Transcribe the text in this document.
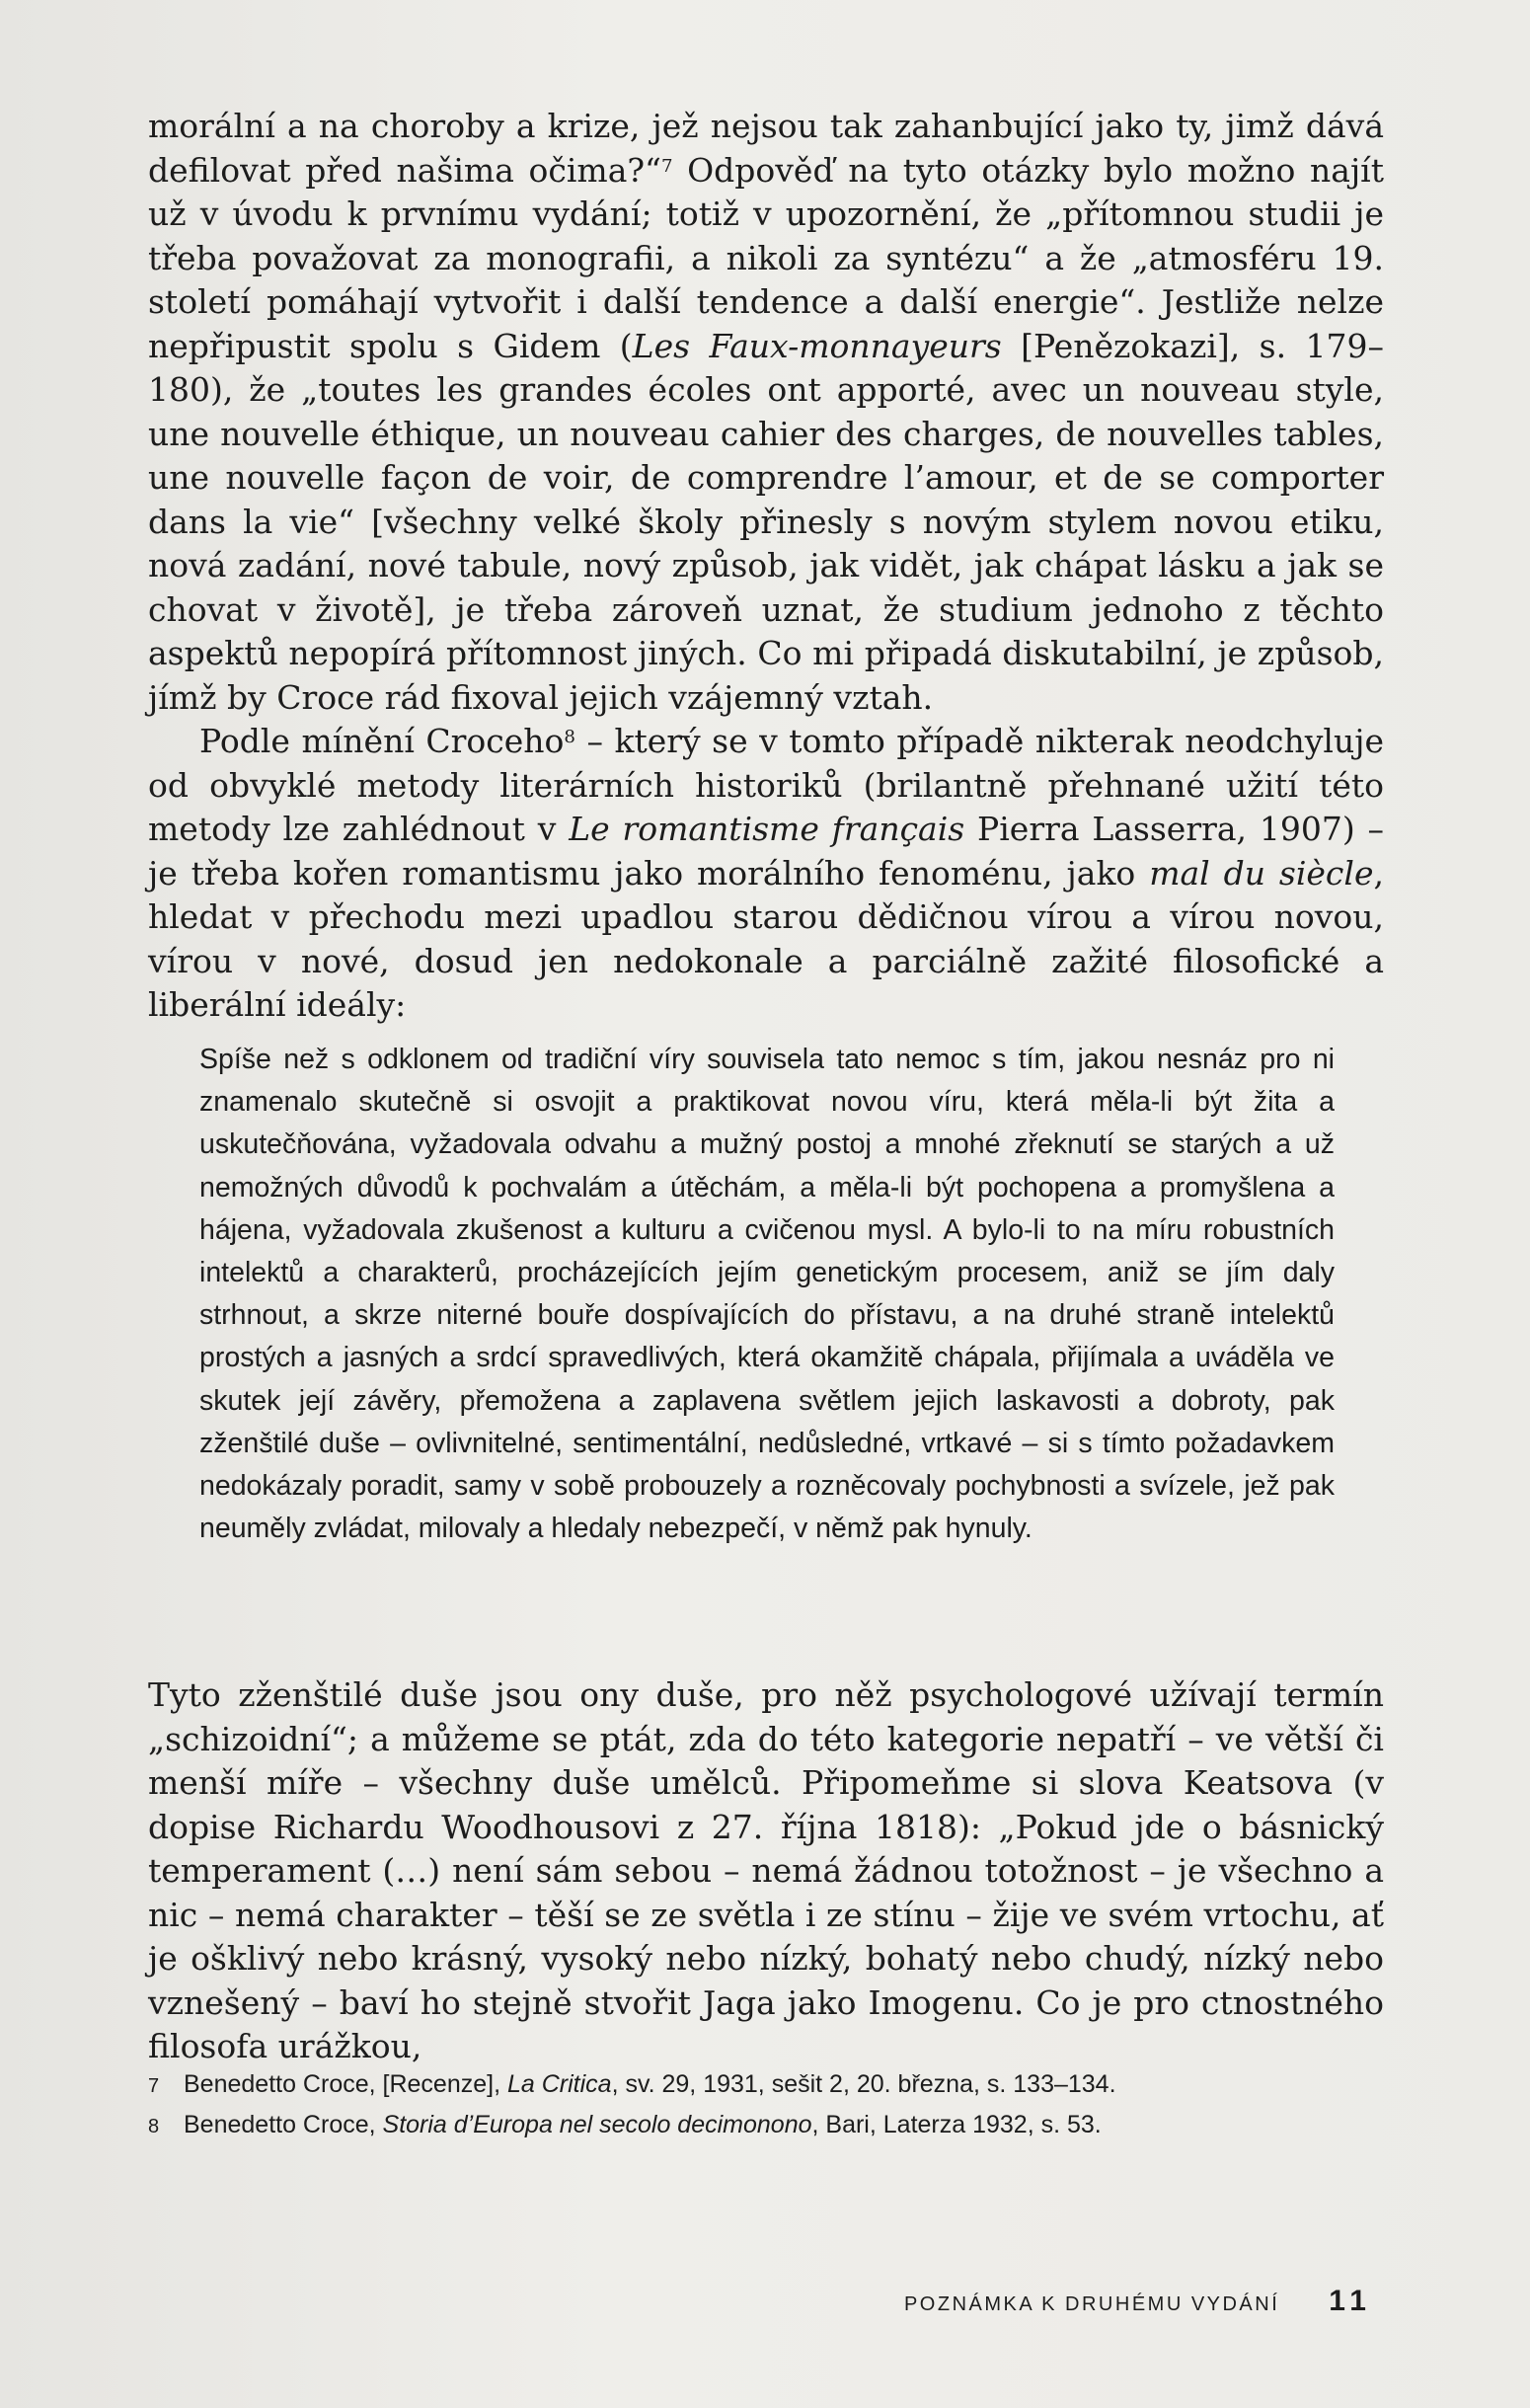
morální a na choroby a krize, jež nejsou tak zahanbující jako ty, jimž dává defilovat před našima očima?“$^7$ Odpověď na tyto otázky bylo možno najít už v úvodu k prvnímu vydání; totiž v upozornění, že „přítomnou studii je třeba považovat za monografii, a nikoli za syntézu“ a že „atmosféru 19. století pomáhají vytvořit i další tendence a další energie“. Jestliže nelze nepřipustit spolu s Gidem (Les Faux-monnayeurs [Penězokazi], s. 179–180), že „toutes les grandes écoles ont apporté, avec un nouveau style, une nouvelle éthique, un nouveau cahier des charges, de nouvelles tables, une nouvelle façon de voir, de comprendre l’amour, et de se comporter dans la vie“ [všechny velké školy přinesly s novým stylem novou etiku, nová zadání, nové tabule, nový způsob, jak vidět, jak chápat lásku a jak se chovat v životě], je třeba zároveň uznat, že studium jednoho z těchto aspektů nepopírá přítomnost jiných. Co mi připadá diskutabilní, je způsob, jímž by Croce rád fixoval jejich vzájemný vztah.

Podle mínění Croceho$^8$ – který se v tomto případě nikterak neodchyluje od obvyklé metody literárních historiků (brilantně přehnané užití této metody lze zahlédnout v Le romantisme français Pierra Lasserra, 1907) – je třeba kořen romantismu jako morálního fenoménu, jako mal du siècle, hledat v přechodu mezi upadlou starou dědičnou vírou a vírou novou, vírou v nové, dosud jen nedokonale a parciálně zažité filosofické a liberální ideály:

Spíše než s odklonem od tradiční víry souvisela tato nemoc s tím, jakou nesnáz pro ni znamenalo skutečně si osvojit a praktikovat novou víru, která měla-li být žita a uskutečňována, vyžadovala odvahu a mužný postoj a mnohé zřeknutí se starých a už nemožných důvodů k pochvalám a útěchám, a měla-li být pochopena a promyšlena a hájena, vyžadovala zkušenost a kulturu a cvičenou mysl. A bylo-li to na míru robustních intelektů a charakterů, procházejících jejím genetickým procesem, aniž se jím daly strhnout, a skrze niterné bouře dospívajících do přístavu, a na druhé straně intelektů prostých a jasných a srdcí spravedlivých, která okamžitě chápala, přijímala a uváděla ve skutek její závěry, přemožena a zaplavena světlem jejich laskavosti a dobroty, pak zženštilé duše – ovlivnitelné, sentimentální, nedůsledné, vrtkavé – si s tímto požadavkem nedokázaly poradit, samy v sobě probouzely a rozněcovaly pochybnosti a svízele, jež pak neuměly zvládat, milovaly a hledaly nebezpečí, v němž pak hynuly.

Tyto zženštilé duše jsou ony duše, pro něž psychologové užívají termín „schizoidní“; a můžeme se ptát, zda do této kategorie nepatří – ve větší či menší míře – všechny duše umělců. Připomeňme si slova Keatsova (v dopise Richardu Woodhousovi z 27. října 1818): „Pokud jde o básnický temperament (…) není sám sebou – nemá žádnou totožnost – je všechno a nic – nemá charakter – těší se ze světla i ze stínu – žije ve svém vrtochu, ať je ošklivý nebo krásný, vysoký nebo nízký, bohatý nebo chudý, nízký nebo vznešený – baví ho stejně stvořit Jaga jako Imogenu. Co je pro ctnostného filosofa urážkou,

7 Benedetto Croce, [Recenze], La Critica, sv. 29, 1931, sešit 2, 20. března, s. 133–134.
8 Benedetto Croce, Storia d’Europa nel secolo decimonono, Bari, Laterza 1932, s. 53.
POZNÁMKA K DRUHÉMU VYDÁNÍ 11
